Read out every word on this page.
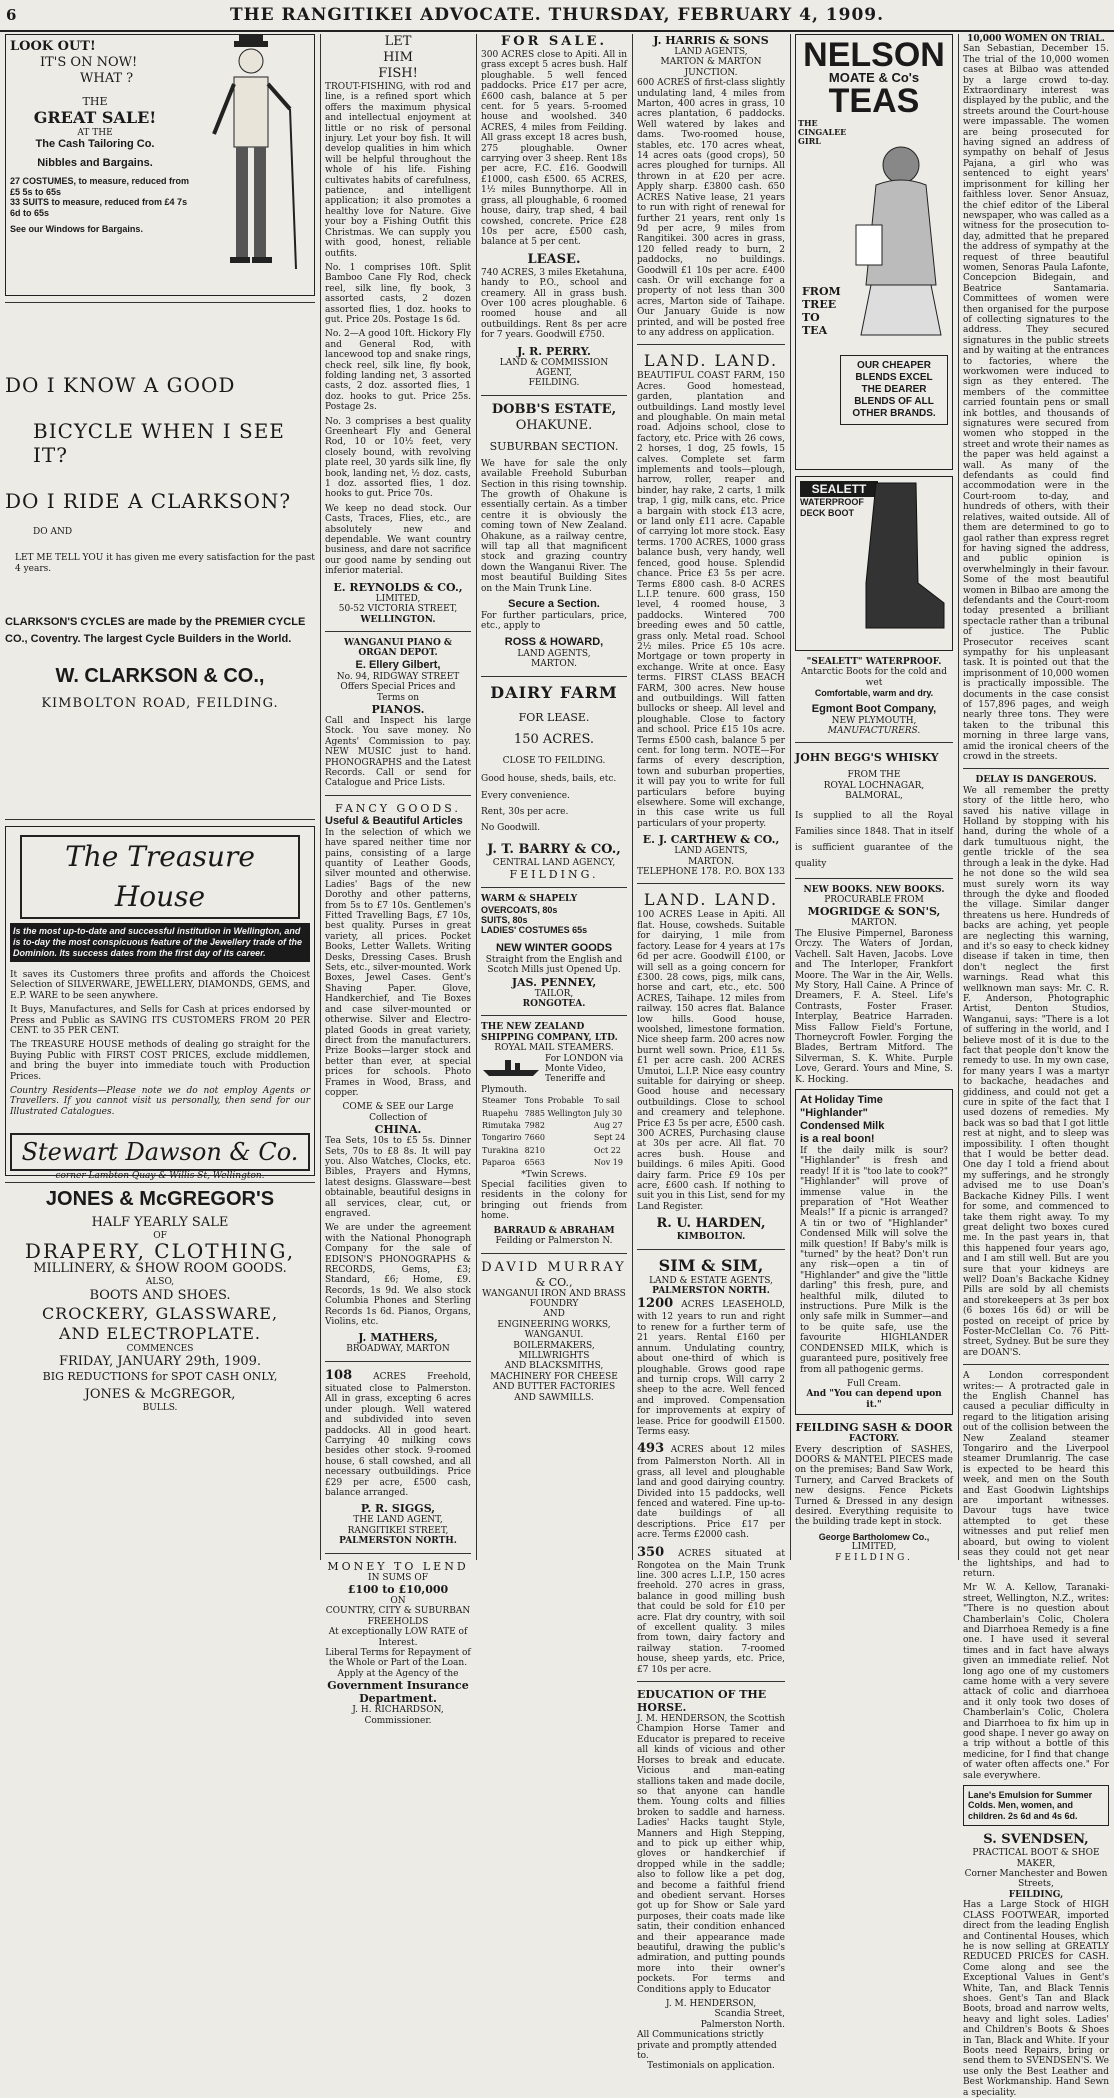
6	THE RANGITIKEI ADVOCATE. THURSDAY, FEBRUARY 4, 1909.
LOOK OUT!
IT'S ON NOW!
WHAT ?
THE
GREAT SALE!
AT THE
The Cash Tailoring Co.
Nibbles and Bargains.
27 COSTUMES, to measure, reduced from £5 5s to 65s
33 SUITS to measure, reduced from £4 7s 6d to 65s
See our Windows for Bargains.
DO I KNOW A GOOD
BICYCLE WHEN I SEE IT?
DO I RIDE A CLARKSON?
DO AND
LET ME TELL YOU it has given me every satisfaction for the past 4 years.
CLARKSON'S CYCLES are made by the PREMIER CYCLE CO., Coventry. The largest Cycle Builders in the World.
W. CLARKSON & CO.,
KIMBOLTON ROAD, FEILDING.
The Treasure House
Is the most up-to-date and successful institution in Wellington, and is to-day the most conspicuous feature of the Jewellery trade of the Dominion. Its success dates from the first day of its career.

It saves its Customers three profits and affords the Choicest Selection of SILVERWARE, JEWELLERY, DIAMONDS, GEMS, and E.P. WARE to be seen anywhere.

It Buys, Manufactures, and Sells for Cash at prices endorsed by Press and Public as SAVING ITS CUSTOMERS FROM 20 PER CENT. to 35 PER CENT.

The TREASURE HOUSE methods of dealing go straight for the Buying Public with FIRST COST PRICES, exclude middlemen, and bring the buyer into immediate touch with Production Prices.

Country Residents—Please note we do not employ Agents or Travellers. If you cannot visit us personally, then send for our Illustrated Catalogues.

Stewart Dawson & Co.
corner Lambton Quay & Willis St, Wellington.
JONES & McGREGOR'S
HALF YEARLY SALE
OF
DRAPERY, CLOTHING,
MILLINERY, & SHOW ROOM GOODS.
ALSO,
BOOTS AND SHOES.
CROCKERY, GLASSWARE,
AND ELECTROPLATE.
COMMENCES
FRIDAY, JANUARY 29th, 1909.
BIG REDUCTIONS for SPOT CASH ONLY,
JONES & McGREGOR,
BULLS.
LET
HIM
FISH!

TROUT-FISHING, with rod and line, is a refined sport which offers the maximum physical and intellectual enjoyment at little or no risk of personal injury. Let your boy fish. It will develop qualities in him which will be helpful throughout the whole of his life. Fishing cultivates habits of carefulness, patience, and intelligent application; it also promotes a healthy love for Nature. Give your boy a Fishing Outfit this Christmas. We can supply you with good, honest, reliable outfits.

No. 1 comprises 10ft. Split Bamboo Cane Fly Rod, check reel, silk line, fly book, 3 assorted casts, 2 dozen assorted flies, 1 doz. hooks to gut. Price 20s. Postage 1s 6d.

No. 2—A good 10ft. Hickory Fly and General Rod, with lancewood top and snake rings, check reel, silk line, fly book, folding landing net, 3 assorted casts, 2 doz. assorted flies, 1 doz. hooks to gut. Price 25s. Postage 2s.

No. 3 comprises a best quality Greenheart Fly and General Rod, 10 or 10½ feet, very closely bound, with revolving plate reel, 30 yards silk line, fly book, landing net, ½ doz. casts, 1 doz. assorted flies, 1 doz. hooks to gut. Price 70s.

We keep no dead stock. Our Casts, Traces, Flies, etc., are absolutely new and dependable. We want country business, and dare not sacrifice our good name by sending out inferior material.

E. REYNOLDS & CO.,
LIMITED,
50-52 VICTORIA STREET,
WELLINGTON.
WANGANUI PIANO & ORGAN DEPOT.
E. Ellery Gilbert,
No. 94, RIDGWAY STREET
Offers Special Prices and Terms on
PIANOS.

Call and Inspect his large Stock. You save money. No Agents' Commission to pay. NEW MUSIC just to hand. PHONOGRAPHS and the Latest Records. Call or send for Catalogue and Price Lists.

FANCY GOODS.
Useful & Beautiful Articles

In the selection of which we have spared neither time nor pains, consisting of a large quantity of Leather Goods, silver mounted and otherwise. Ladies' Bags of the new Dorothy and other patterns, from 5s to £7 10s. Gentlemen's Fitted Travelling Bags, £7 10s, best quality. Purses in great variety, all prices. Pocket Books, Letter Wallets. Writing Desks, Dressing Cases. Brush Sets, etc., silver-mounted. Work Boxes, Jewel Cases. Gent's Shaving Paper. Glove, Handkerchief, and Tie Boxes and case silver-mounted or otherwise. Silver and Electro-plated Goods in great variety, direct from the manufacturers. Prize Books—larger stock and better than ever, at special prices for schools. Photo Frames in Wood, Brass, and copper.

COME & SEE our Large Collection of
CHINA.

Tea Sets, 10s to £5 5s. Dinner Sets, 70s to £8 8s. It will pay you. Also Watches, Clocks, etc. Bibles, Prayers and Hymns, latest designs. Glassware—best obtainable, beautiful designs in all services, clear, cut, or engraved.

We are under the agreement with the National Phonograph Company for the sale of EDISON'S PHONOGRAPHS & RECORDS, Gems, £3; Standard, £6; Home, £9. Records, 1s 9d. We also stock Columbia Phones and Sterling Records 1s 6d. Pianos, Organs, Violins, etc.

J. MATHERS,
BROADWAY, MARTON

108 ACRES Freehold, situated close to Palmerston. All in grass, excepting 6 acres under plough. Well watered and subdivided into seven paddocks. All in good heart. Carrying 40 milking cows besides other stock. 9-roomed house, 6 stall cowshed, and all necessary outbuildings. Price £29 per acre, £500 cash, balance arranged.

P. R. SIGGS,
THE LAND AGENT,
RANGITIKEI STREET,
PALMERSTON NORTH.
MONEY TO LEND
IN SUMS OF
£100 to £10,000
ON
COUNTRY, CITY & SUBURBAN FREEHOLDS
At exceptionally LOW RATE of Interest.
Liberal Terms for Repayment of the Whole or Part of the Loan.
Apply at the Agency of the
Government Insurance Department.
J. H. RICHARDSON,
Commissioner.
FOR SALE.

300 ACRES close to Apiti. All in grass except 5 acres bush. Half ploughable. 5 well fenced paddocks. Price £17 per acre, £600 cash, balance at 5 per cent. for 5 years. 5-roomed house and woolshed. 340 ACRES, 4 miles from Feilding. All grass except 18 acres bush, 275 ploughable. Owner carrying over 3 sheep. Rent 18s per acre, F.C. £16. Goodwill £1000, cash £500. 65 ACRES, 1½ miles Bunnythorpe. All in grass, all ploughable, 6 roomed house, dairy, trap shed, 4 bail cowshed, concrete. Price £28 10s per acre, £500 cash, balance at 5 per cent.

LEASE.

740 ACRES, 3 miles Eketahuna, handy to P.O., school and creamery. All in grass bush. Over 100 acres ploughable. 6 roomed house and all outbuildings. Rent 8s per acre for 7 years. Goodwill £750.

J. R. PERRY.
LAND & COMMISSION AGENT,
FEILDING.
DOBB'S ESTATE,
OHAKUNE.
SUBURBAN SECTION.

We have for sale the only available Freehold Suburban Section in this rising township. The growth of Ohakune is essentially certain. As a timber centre it is obviously the coming town of New Zealand. Ohakune, as a railway centre, will tap all that magnificent stock and grazing country down the Wanganui River. The most beautiful Building Sites on the Main Trunk Line.

Secure a Section.

For further particulars, price, etc., apply to

ROSS & HOWARD,
LAND AGENTS,
MARTON.
DAIRY FARM
FOR LEASE.
150 ACRES.
CLOSE TO FEILDING.
Good house, sheds, bails, etc.
Every convenience.
Rent, 30s per acre.
No Goodwill.
J. T. BARRY & CO.,
CENTRAL LAND AGENCY,
FEILDING.
WARM & SHAPELY
OVERCOATS, 80s
SUITS, 80s
LADIES' COSTUMES 65s
NEW WINTER GOODS
Straight from the English and Scotch Mills just Opened Up.
JAS. PENNEY,
TAILOR,
RONGOTEA.
THE NEW ZEALAND SHIPPING COMPANY, LTD.
ROYAL MAIL STEAMERS.
For LONDON via Monte Video, Teneriffe and Plymouth.
Steamer	Tons	Probable	To sail
Ruapehu	7885	Wellington	July 30
Rimutaka	7982		Aug 27
Tongariro	7660		Sept 24
Turakina	8210		Oct 22
Paparoa	6563		Nov 19
*Twin Screws.

Special facilities given to residents in the colony for bringing out friends from home.

BARRAUD & ABRAHAM
Feilding or Palmerston N.
DAVID MURRAY
& CO.,
WANGANUI IRON AND BRASS FOUNDRY
AND
ENGINEERING WORKS,
WANGANUI.
BOILERMAKERS, MILLWRIGHTS
AND BLACKSMITHS,
MACHINERY FOR CHEESE AND BUTTER FACTORIES AND SAWMILLS.
J. HARRIS & SONS
LAND AGENTS,
MARTON & MARTON JUNCTION.

600 ACRES of first-class slightly undulating land, 4 miles from Marton, 400 acres in grass, 10 acres plantation, 6 paddocks. Well watered by lakes and dams. Two-roomed house, stables, etc. 170 acres wheat, 14 acres oats (good crops), 50 acres ploughed for turnips. All thrown in at £20 per acre. Apply sharp. £3800 cash. 650 ACRES Native lease, 21 years to run with right of renewal for further 21 years, rent only 1s 9d per acre, 9 miles from Rangitikei. 300 acres in grass, 120 felled ready to burn, 2 paddocks, no buildings. Goodwill £1 10s per acre. £400 cash. Or will exchange for a property of not less than 300 acres, Marton side of Taihape. Our January Guide is now printed, and will be posted free to any address on application.

LAND. LAND.

BEAUTIFUL COAST FARM, 150 Acres. Good homestead, garden, plantation and outbuildings. Land mostly level and ploughable. On main metal road. Adjoins school, close to factory, etc. Price with 26 cows, 2 horses, 1 dog, 25 fowls, 15 calves. Complete set farm implements and tools—plough, harrow, roller, reaper and binder, hay rake, 2 carts, 1 milk trap, 1 gig, milk cans, etc. Price a bargain with stock £13 acre, or land only £11 acre. Capable of carrying lot more stock. Easy terms. 1700 ACRES, 1000 grass balance bush, very handy, well fenced, good house. Splendid chance. Price £3 5s per acre. Terms £800 cash. 8-0 ACRES L.I.P. tenure. 600 grass, 150 level, 4 roomed house, 3 paddocks. Wintered 700 breeding ewes and 50 cattle, grass only. Metal road. School 2½ miles. Price £5 10s acre. Mortgage or town property in exchange. Write at once. Easy terms. FIRST CLASS BEACH FARM, 300 acres. New house and outbuildings. Will fatten bullocks or sheep. All level and ploughable. Close to factory and school. Price £15 10s acre. Terms £500 cash, balance 5 per cent. for long term. NOTE—For farms of every description, town and suburban properties, it will pay you to write for full particulars before buying elsewhere. Some will exchange, in this case write us full particulars of your property.

E. J. CARTHEW & CO.,
LAND AGENTS,
MARTON.
TELEPHONE 178. P.O. BOX 133
LAND. LAND.

100 ACRES Lease in Apiti. All flat. House, cowsheds. Suitable for dairying, 1 mile from factory. Lease for 4 years at 17s 6d per acre. Goodwill £100, or will sell as a going concern for £300. 28 cows, pigs, milk cans, horse and cart, etc., etc. 500 ACRES, Taihape. 12 miles from railway. 150 acres flat. Balance low hills. Good house, woolshed, limestone formation. Nice sheep farm. 200 acres now burnt well sown. Price, £11 5s. £1 per acre cash. 200 ACRES Umutoi, L.I.P. Nice easy country suitable for dairying or sheep. Good house and necessary outbuildings. Close to school and creamery and telephone. Price £3 5s per acre, £500 cash. 300 ACRES, Purchasing clause at 30s per acre. All flat. 70 acres bush. House and buildings. 6 miles Apiti. Good dairy farm. Price £9 10s per acre, £600 cash. If nothing to suit you in this List, send for my Land Register.

R. U. HARDEN,
KIMBOLTON.
SIM & SIM,
LAND & ESTATE AGENTS,
PALMERSTON NORTH.

1200 ACRES LEASEHOLD, with 12 years to run and right to renew for a further term of 21 years. Rental £160 per annum. Undulating country, about one-third of which is ploughable. Grows good rape and turnip crops. Will carry 2 sheep to the acre. Well fenced and improved. Compensation for improvements at expiry of lease. Price for goodwill £1500. Terms easy.

493 ACRES about 12 miles from Palmerston North. All in grass, all level and ploughable land and good dairying country. Divided into 15 paddocks, well fenced and watered. Fine up-to-date buildings of all descriptions. Price £17 per acre. Terms £2000 cash.

350 ACRES situated at Rongotea on the Main Trunk line. 300 acres L.I.P., 150 acres freehold. 270 acres in grass, balance in good milling bush that could be sold for £10 per acre. Flat dry country, with soil of excellent quality. 3 miles from town, dairy factory and railway station. 7-roomed house, sheep yards, etc. Price, £7 10s per acre.

EDUCATION OF THE HORSE.

J. M. HENDERSON, the Scottish Champion Horse Tamer and Educator is prepared to receive all kinds of vicious and other Horses to break and educate. Vicious and man-eating stallions taken and made docile, so that anyone can handle them. Young colts and fillies broken to saddle and harness. Ladies' Hacks taught Style, Manners and High Stepping, and to pick up either whip, gloves or handkerchief if dropped while in the saddle; also to follow like a pet dog, and become a faithful friend and obedient servant. Horses got up for Show or Sale yard purposes, their coats made like satin, their condition enhanced and their appearance made beautiful, drawing the public's admiration, and putting pounds more into their owner's pockets. For terms and Conditions apply to Educator

J. M. HENDERSON,
Scandia Street,
Palmerston North.
All Communications strictly private and promptly attended to.
Testimonials on application.
NELSON
MOATE & Co's
TEAS
THE CINGALEE GIRL
FROM
TREE
TO
TEA
OUR CHEAPER BLENDS EXCEL THE DEARER BLENDS OF ALL OTHER BRANDS.
SEALETT
WATERPROOF
DECK BOOT
"SEALETT" WATERPROOF.
Antarctic Boots for the cold and wet
Comfortable, warm and dry.
Egmont Boot Company,
NEW PLYMOUTH,
MANUFACTURERS.
JOHN BEGG'S WHISKY
FROM THE
ROYAL LOCHNAGAR, BALMORAL,

Is supplied to all the Royal Families since 1848. That in itself is sufficient guarantee of the quality

NEW BOOKS. NEW BOOKS.
PROCURABLE FROM
MOGRIDGE & SON'S,
MARTON.

The Elusive Pimpernel, Baroness Orczy. The Waters of Jordan, Vachell. Salt Haven, Jacobs. Love and The Interloper, Frankfort Moore. The War in the Air, Wells. My Story, Hall Caine. A Prince of Dreamers, F. A. Steel. Life's Contrasts, Foster Fraser. Interplay, Beatrice Harraden. Miss Fallow Field's Fortune, Thorneycroft Fowler. Forging the Blades, Bertram Mitford. The Silverman, S. K. White. Purple Love, Gerard. Yours and Mine, S. K. Hocking.

At Holiday Time
"Highlander"
Condensed Milk
is a real boon!

If the daily milk is sour? "Highlander" is fresh and ready! If it is "too late to cook?" "Highlander" will prove of immense value in the preparation of "Hot Weather Meals!" If a picnic is arranged? A tin or two of "Highlander" Condensed Milk will solve the milk question! If Baby's milk is "turned" by the heat? Don't run any risk—open a tin of "Highlander" and give the "little darling" this fresh, pure, and healthful milk, diluted to instructions. Pure Milk is the only safe milk in Summer—and to be quite safe, use the favourite HIGHLANDER CONDENSED MILK, which is guaranteed pure, positively free from all pathogenic germs.

Full Cream.
And "You can depend upon it."
FEILDING SASH & DOOR
FACTORY.

Every description of SASHES, DOORS & MANTEL PIECES made on the premises; Band Saw Work, Turnery, and Carved Brackets of new designs. Fence Pickets Turned & Dressed in any design desired. Everything requisite to the building trade kept in stock.

George Bartholomew Co.,
LIMITED,
FEILDING.
10,000 WOMEN ON TRIAL.

San Sebastian, December 15. The trial of the 10,000 women cases at Bilbao was attended by a large crowd to-day. Extraordinary interest was displayed by the public, and the streets around the Court-house were impassable. The women are being prosecuted for having signed an address of sympathy on behalf of Jesus Pajana, a girl who was sentenced to eight years' imprisonment for killing her faithless lover. Senor Ansuaz, the chief editor of the Liberal newspaper, who was called as a witness for the prosecution to-day, admitted that he prepared the address of sympathy at the request of three beautiful women, Senoras Paula Lafonte, Concepcion Bidegain, and Beatrice Santamaria. Committees of women were then organised for the purpose of collecting signatures to the address. They secured signatures in the public streets and by waiting at the entrances to factories, where the workwomen were induced to sign as they entered. The members of the committee carried fountain pens or small ink bottles, and thousands of signatures were secured from women who stopped in the street and wrote their names as the paper was held against a wall. As many of the defendants as could find accommodation were in the Court-room to-day, and hundreds of others, with their relatives, waited outside. All of them are determined to go to gaol rather than express regret for having signed the address, and public opinion is overwhelmingly in their favour. Some of the most beautiful women in Bilbao are among the defendants and the Court-room today presented a brilliant spectacle rather than a tribunal of justice. The Public Prosecutor receives scant sympathy for his unpleasant task. It is pointed out that the imprisonment of 10,000 women is practically impossible. The documents in the case consist of 157,896 pages, and weigh nearly three tons. They were taken to the tribunal this morning in three large vans, amid the ironical cheers of the crowd in the streets.

DELAY IS DANGEROUS.

We all remember the pretty story of the little hero, who saved his native village in Holland by stopping with his hand, during the whole of a dark tumultuous night, the gentle trickle of the sea through a leak in the dyke. Had he not done so the wild sea must surely worn its way through the dyke and flooded the village. Similar danger threatens us here. Hundreds of backs are aching, yet people are neglecting this warning, and it's so easy to check kidney disease if taken in time, then don't neglect the first warnings. Read what this wellknown man says: Mr. C. R. F. Anderson, Photographic Artist, Denton Studios, Wanganui, says: "There is a lot of suffering in the world, and I believe most of it is due to the fact that people don't know the remedy to use. In my own case, for many years I was a martyr to backache, headaches and giddiness, and could not get a cure in spite of the fact that I used dozens of remedies. My back was so bad that I got little rest at night, and to sleep was impossibility. I often thought that I would be better dead. One day I told a friend about my sufferings, and he strongly advised me to use Doan's Backache Kidney Pills. I went for some, and commenced to take them right away. To my great delight two boxes cured me. In the past years in, that this happened four years ago, and I am still well. But are you sure that your kidneys are well? Doan's Backache Kidney Pills are sold by all chemists and storekeepers at 3s per box (6 boxes 16s 6d) or will be posted on receipt of price by Foster-McClellan Co. 76 Pitt-street, Sydney. But be sure they are DOAN'S.

A London correspondent writes:— A protracted gale in the English Channel has caused a peculiar difficulty in regard to the litigation arising out of the collision between the New Zealand steamer Tongariro and the Liverpool steamer Drumlanrig. The case is expected to be heard this week, and men on the South and East Goodwin Lightships are important witnesses. Davour tugs have twice attempted to get these witnesses and put relief men aboard, but owing to violent seas they could not get near the lightships, and had to return.

Mr W. A. Kellow, Taranaki-street, Wellington, N.Z., writes: "There is no question about Chamberlain's Colic, Cholera and Diarrhoea Remedy is a fine one. I have used it several times and in fact have always given an immediate relief. Not long ago one of my customers came home with a very severe attack of colic and diarrhoea and it only took two doses of Chamberlain's Colic, Cholera and Diarrhoea to fix him up in good shape. I never go away on a trip without a bottle of this medicine, for I find that change of water often affects one." For sale everywhere.

Lane's Emulsion for Summer Colds. Men, women, and children. 2s 6d and 4s 6d.
S. SVENDSEN,
PRACTICAL BOOT & SHOE MAKER,
Corner Manchester and Bowen Streets,
FEILDING,

Has a Large Stock of HIGH CLASS FOOTWEAR, imported direct from the leading English and Continental Houses, which he is now selling at GREATLY REDUCED PRICES for CASH. Come along and see the Exceptional Values in Gent's White, Tan, and Black Tennis shoes. Gent's Tan and Black Boots, broad and narrow welts, heavy and light soles. Ladies' and Children's Boots & Shoes in Tan, Black and White. If your Boots need Repairs, bring or send them to SVENDSEN'S. We use only the Best Leather and Best Workmanship. Hand Sewn a speciality.
